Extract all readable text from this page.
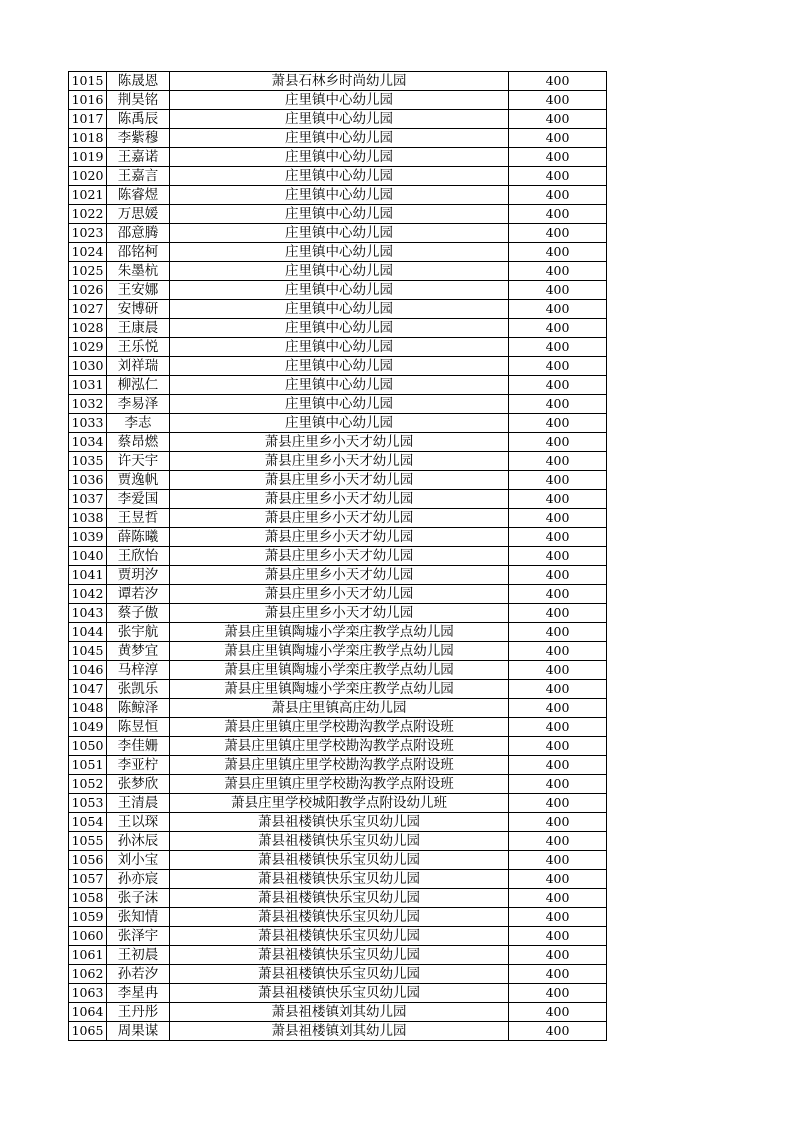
1015	陈晟恩	萧县石林乡时尚幼儿园	400
1016	荆昊铭	庄里镇中心幼儿园	400
1017	陈禹辰	庄里镇中心幼儿园	400
1018	李紫穆	庄里镇中心幼儿园	400
1019	王嘉诺	庄里镇中心幼儿园	400
1020	王嘉言	庄里镇中心幼儿园	400
1021	陈睿煜	庄里镇中心幼儿园	400
1022	万思媛	庄里镇中心幼儿园	400
1023	邵意腾	庄里镇中心幼儿园	400
1024	邵铭柯	庄里镇中心幼儿园	400
1025	朱墨杭	庄里镇中心幼儿园	400
1026	王安娜	庄里镇中心幼儿园	400
1027	安博研	庄里镇中心幼儿园	400
1028	王康晨	庄里镇中心幼儿园	400
1029	王乐悦	庄里镇中心幼儿园	400
1030	刘祥瑞	庄里镇中心幼儿园	400
1031	柳泓仁	庄里镇中心幼儿园	400
1032	李易泽	庄里镇中心幼儿园	400
1033	李志	庄里镇中心幼儿园	400
1034	蔡昂燃	萧县庄里乡小天才幼儿园	400
1035	许天宇	萧县庄里乡小天才幼儿园	400
1036	贾逸帆	萧县庄里乡小天才幼儿园	400
1037	李爱国	萧县庄里乡小天才幼儿园	400
1038	王昱哲	萧县庄里乡小天才幼儿园	400
1039	薛陈曦	萧县庄里乡小天才幼儿园	400
1040	王欣怡	萧县庄里乡小天才幼儿园	400
1041	贾玥汐	萧县庄里乡小天才幼儿园	400
1042	谭若汐	萧县庄里乡小天才幼儿园	400
1043	蔡子傲	萧县庄里乡小天才幼儿园	400
1044	张宇航	萧县庄里镇陶墟小学栾庄教学点幼儿园	400
1045	黄梦宜	萧县庄里镇陶墟小学栾庄教学点幼儿园	400
1046	马梓淳	萧县庄里镇陶墟小学栾庄教学点幼儿园	400
1047	张凯乐	萧县庄里镇陶墟小学栾庄教学点幼儿园	400
1048	陈鲸泽	萧县庄里镇高庄幼儿园	400
1049	陈昱恒	萧县庄里镇庄里学校勘沟教学点附设班	400
1050	李佳姗	萧县庄里镇庄里学校勘沟教学点附设班	400
1051	李亚柠	萧县庄里镇庄里学校勘沟教学点附设班	400
1052	张梦欣	萧县庄里镇庄里学校勘沟教学点附设班	400
1053	王清晨	萧县庄里学校城阳教学点附设幼儿班	400
1054	王以琛	萧县祖楼镇快乐宝贝幼儿园	400
1055	孙沐辰	萧县祖楼镇快乐宝贝幼儿园	400
1056	刘小宝	萧县祖楼镇快乐宝贝幼儿园	400
1057	孙亦宸	萧县祖楼镇快乐宝贝幼儿园	400
1058	张子沫	萧县祖楼镇快乐宝贝幼儿园	400
1059	张知情	萧县祖楼镇快乐宝贝幼儿园	400
1060	张泽宇	萧县祖楼镇快乐宝贝幼儿园	400
1061	王初晨	萧县祖楼镇快乐宝贝幼儿园	400
1062	孙若汐	萧县祖楼镇快乐宝贝幼儿园	400
1063	李星冉	萧县祖楼镇快乐宝贝幼儿园	400
1064	王丹彤	萧县祖楼镇刘其幼儿园	400
1065	周果谋	萧县祖楼镇刘其幼儿园	400
